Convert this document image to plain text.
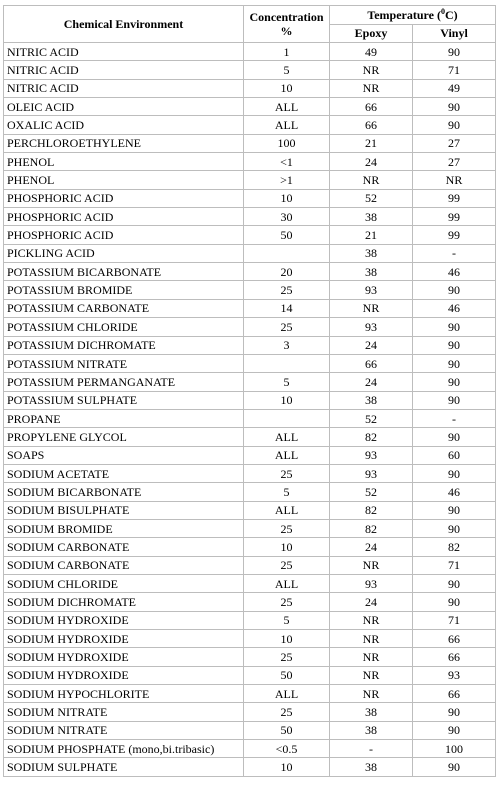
Chemical Environment	Concentration
%	Temperature ($^0$C)	
		Epoxy	Vinyl
NITRIC ACID	1	49	90
NITRIC ACID	5	NR	71
NITRIC ACID	10	NR	49
OLEIC ACID	ALL	66	90
OXALIC ACID	ALL	66	90
PERCHLOROETHYLENE	100	21	27
PHENOL	<1	24	27
PHENOL	>1	NR	NR
PHOSPHORIC ACID	10	52	99
PHOSPHORIC ACID	30	38	99
PHOSPHORIC ACID	50	21	99
PICKLING ACID		38	-
POTASSIUM BICARBONATE	20	38	46
POTASSIUM BROMIDE	25	93	90
POTASSIUM CARBONATE	14	NR	46
POTASSIUM CHLORIDE	25	93	90
POTASSIUM DICHROMATE	3	24	90
POTASSIUM NITRATE		66	90
POTASSIUM PERMANGANATE	5	24	90
POTASSIUM SULPHATE	10	38	90
PROPANE		52	-
PROPYLENE GLYCOL	ALL	82	90
SOAPS	ALL	93	60
SODIUM ACETATE	25	93	90
SODIUM BICARBONATE	5	52	46
SODIUM BISULPHATE	ALL	82	90
SODIUM BROMIDE	25	82	90
SODIUM CARBONATE	10	24	82
SODIUM CARBONATE	25	NR	71
SODIUM CHLORIDE	ALL	93	90
SODIUM DICHROMATE	25	24	90
SODIUM HYDROXIDE	5	NR	71
SODIUM HYDROXIDE	10	NR	66
SODIUM HYDROXIDE	25	NR	66
SODIUM HYDROXIDE	50	NR	93
SODIUM HYPOCHLORITE	ALL	NR	66
SODIUM NITRATE	25	38	90
SODIUM NITRATE	50	38	90
SODIUM PHOSPHATE (mono,bi.tribasic)	<0.5	-	100
SODIUM SULPHATE	10	38	90
